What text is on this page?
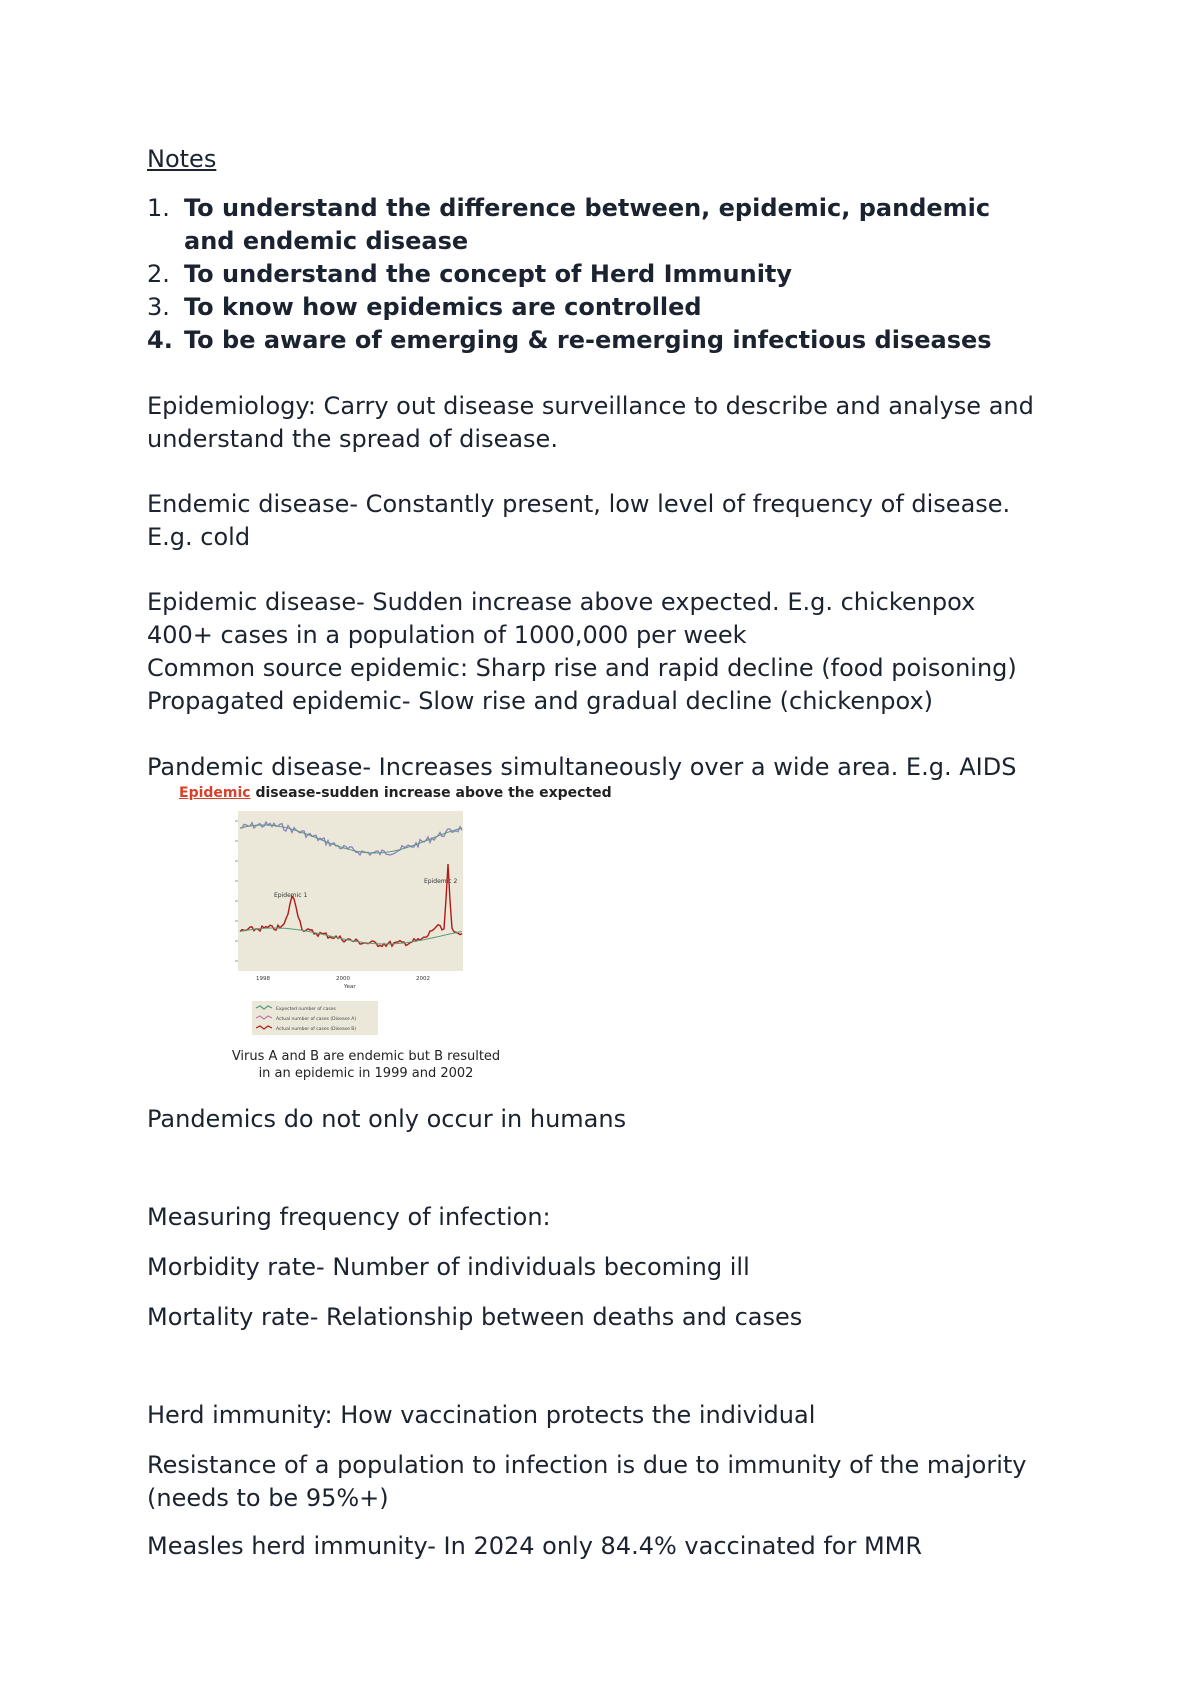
Notes

1. To understand the difference between, epidemic, pandemic
and endemic disease
2. To understand the concept of Herd Immunity
3. To know how epidemics are controlled
4. To be aware of emerging & re-emerging infectious diseases

Epidemiology: Carry out disease surveillance to describe and analyse and

understand the spread of disease.

Endemic disease- Constantly present, low level of frequency of disease.

E.g. cold

Epidemic disease- Sudden increase above expected. E.g. chickenpox

400+ cases in a population of 1000,000 per week

Common source epidemic: Sharp rise and rapid decline (food poisoning)

Propagated epidemic- Slow rise and gradual decline (chickenpox)

Pandemic disease- Increases simultaneously over a wide area. E.g. AIDS

Epidemic disease-sudden increase above the expected
Epidemic 1
Epidemic 2
1998	2000	2002
Year
Expected number of cases
Actual number of cases (Disease A)
Actual number of cases (Disease B)
Virus A and B are endemic but B resulted
in an epidemic in 1999 and 2002

Pandemics do not only occur in humans

Measuring frequency of infection:

Morbidity rate- Number of individuals becoming ill

Mortality rate- Relationship between deaths and cases

Herd immunity: How vaccination protects the individual

Resistance of a population to infection is due to immunity of the majority

(needs to be 95%+)

Measles herd immunity- In 2024 only 84.4% vaccinated for MMR
